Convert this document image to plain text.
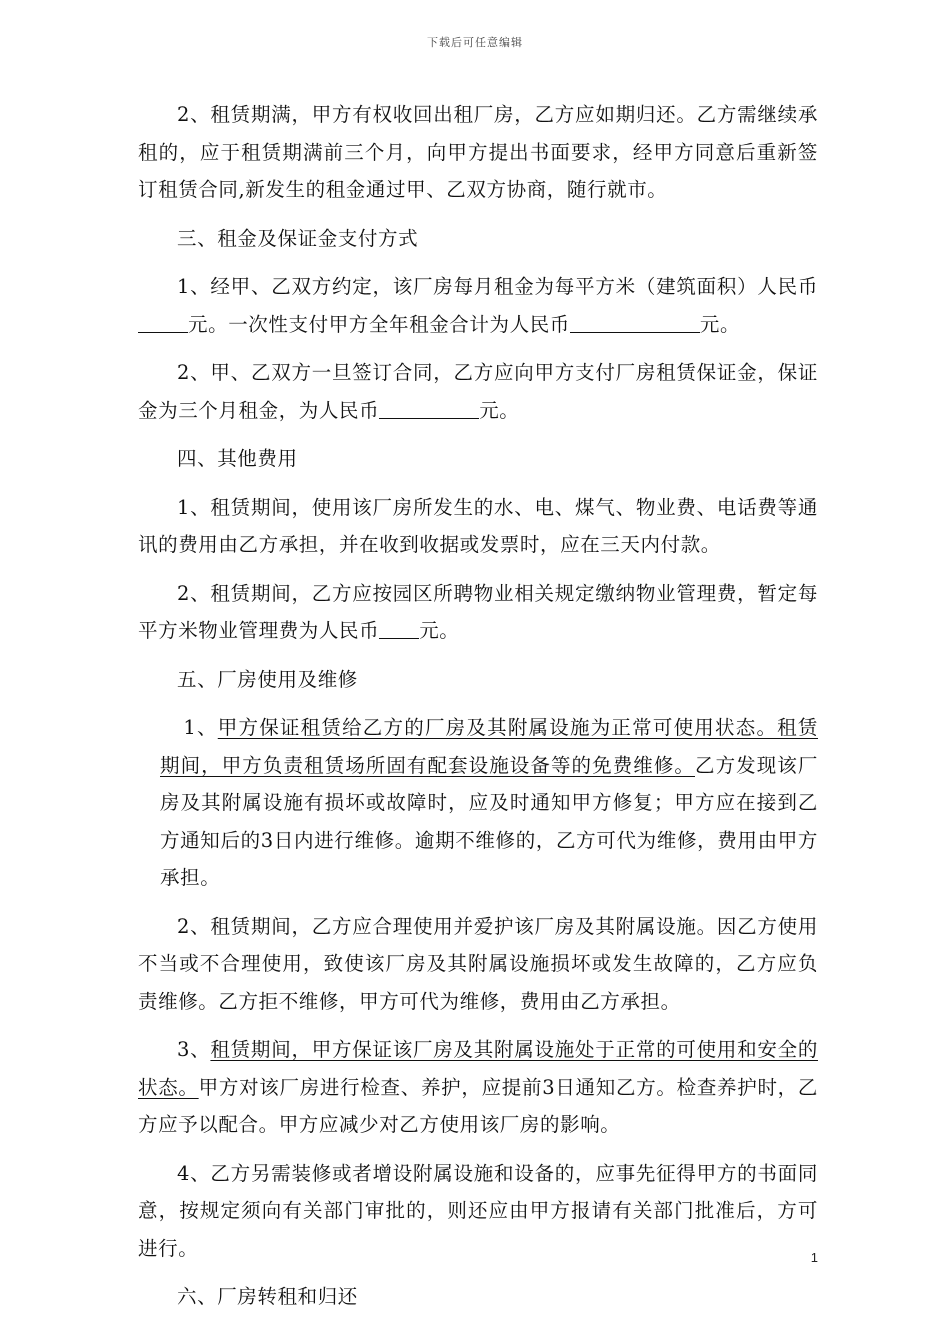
下载后可任意编辑

2、租赁期满，甲方有权收回出租厂房，乙方应如期归还。乙方需继续承租的，应于租赁期满前三个月，向甲方提出书面要求，经甲方同意后重新签订租赁合同,新发生的租金通过甲、乙双方协商，随行就市。

三、租金及保证金支付方式

1、经甲、乙双方约定，该厂房每月租金为每平方米（建筑面积）人民币元。一次性支付甲方全年租金合计为人民币	元。

2、甲、乙双方一旦签订合同，乙方应向甲方支付厂房租赁保证金，保证金为三个月租金，为人民币	元。

四、其他费用

1、租赁期间，使用该厂房所发生的水、电、煤气、物业费、电话费等通讯的费用由乙方承担，并在收到收据或发票时，应在三天内付款。

2、租赁期间，乙方应按园区所聘物业相关规定缴纳物业管理费，暂定每平方米物业管理费为人民币 元。

五、厂房使用及维修

1、甲方保证租赁给乙方的厂房及其附属设施为正常可使用状态。租赁期间，甲方负责租赁场所固有配套设施设备等的免费维修。乙方发现该厂房及其附属设施有损坏或故障时，应及时通知甲方修复；甲方应在接到乙方通知后的3日内进行维修。逾期不维修的，乙方可代为维修，费用由甲方承担。

2、租赁期间，乙方应合理使用并爱护该厂房及其附属设施。因乙方使用不当或不合理使用，致使该厂房及其附属设施损坏或发生故障的，乙方应负责维修。乙方拒不维修，甲方可代为维修，费用由乙方承担。

3、租赁期间，甲方保证该厂房及其附属设施处于正常的可使用和安全的状态。甲方对该厂房进行检查、养护，应提前3日通知乙方。检查养护时，乙方应予以配合。甲方应减少对乙方使用该厂房的影响。

4、乙方另需装修或者增设附属设施和设备的，应事先征得甲方的书面同意，按规定须向有关部门审批的，则还应由甲方报请有关部门批准后，方可进行。

六、厂房转租和归还

1
